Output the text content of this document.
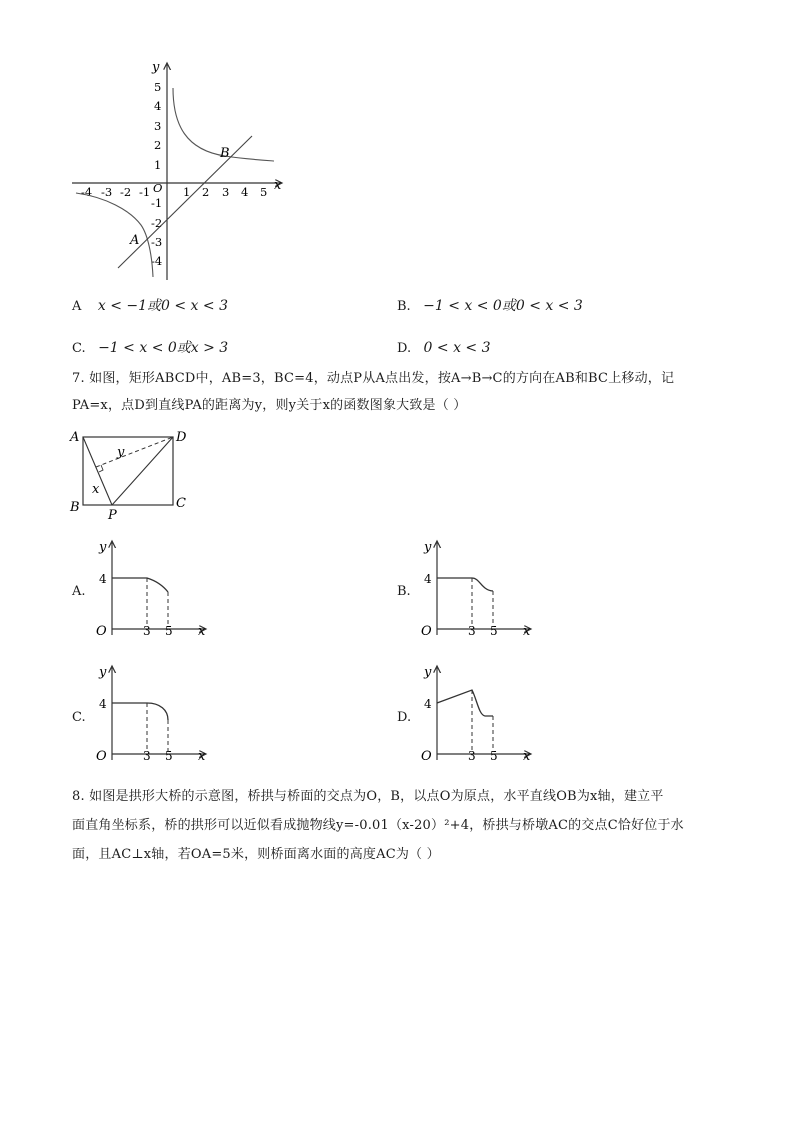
x
y
O
-4 -3 -2 -1	1 2 3 4 5
5
4
3
2
1
-1
-2
-3
-4
A
B
A x < −1或0 < x < 3	B. −1 < x < 0或0 < x < 3
C. −1 < x < 0或x > 3	D. 0 < x < 3
7. 如图，矩形ABCD中，AB=3，BC=4，动点P从A点出发，按A→B→C的方向在AB和BC上移动，记
PA=x，点D到直线PA的距离为y，则y关于x的函数图象大致是（ ）
A	D
B	C
P
x
y
A.	B.
C.	D.
y
x
O
4
3 5
y
x
O
4
3 5
y
x
O
4
3 5
y
x
O
4
3 5
8. 如图是拱形大桥的示意图，桥拱与桥面的交点为O，B，以点O为原点，水平直线OB为x轴，建立平
面直角坐标系，桥的拱形可以近似看成抛物线y=-0.01（x-20）²+4，桥拱与桥墩AC的交点C恰好位于水
面，且AC⊥x轴，若OA=5米，则桥面离水面的高度AC为（ ）
